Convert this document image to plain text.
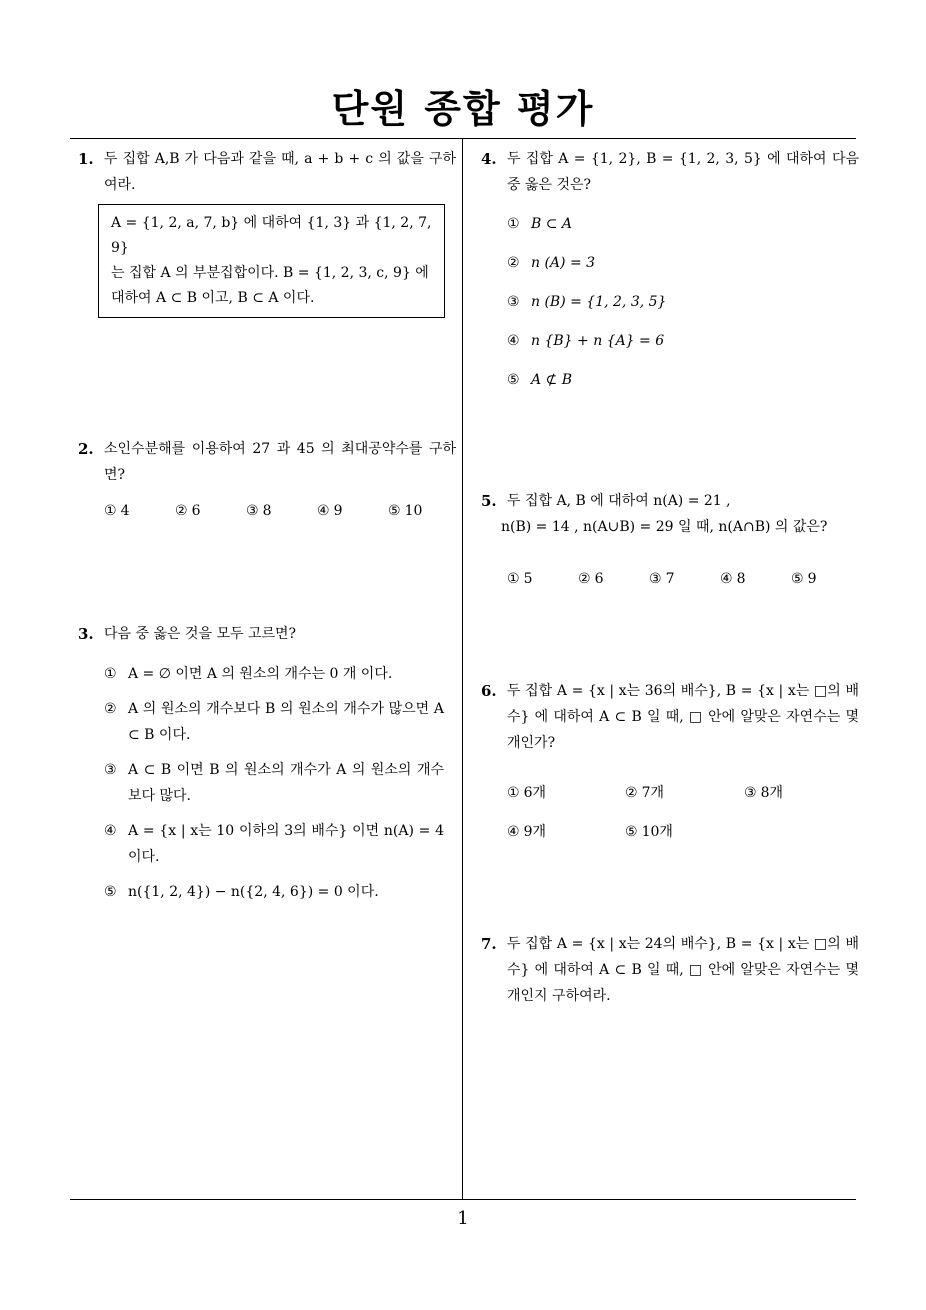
단원 종합 평가
1
1. 두 집합 A,B 가 다음과 같을 때, a + b + c 의 값을 구하여라.
A = {1, 2, a, 7, b} 에 대하여 {1, 3} 과 {1, 2, 7, 9}
는 집합 A 의 부분집합이다. B = {1, 2, 3, c, 9} 에
대하여 A ⊂ B 이고, B ⊂ A 이다.
2. 소인수분해를 이용하여 27 과 45 의 최대공약수를 구하면?
① 4	② 6	③ 8	④ 9	⑤ 10
3. 다음 중 옳은 것을 모두 고르면?
① A = ∅ 이면 A 의 원소의 개수는 0 개 이다.
② A 의 원소의 개수보다 B 의 원소의 개수가 많으면 A ⊂ B 이다.
③ A ⊂ B 이면 B 의 원소의 개수가 A 의 원소의 개수보다 많다.
④ A = {x | x는 10 이하의 3의 배수} 이면 n(A) = 4 이다.
⑤ n({1, 2, 4}) − n({2, 4, 6}) = 0 이다.
4. 두 집합 A = {1, 2}, B = {1, 2, 3, 5} 에 대하여 다음 중 옳은 것은?
① B ⊂ A
② n (A) = 3
③ n (B) = {1, 2, 3, 5}
④ n {B} + n {A} = 6
⑤ A ⊄ B
5. 두 집합 A, B 에 대하여 n(A) = 21 ,
n(B) = 14 , n(A∪B) = 29 일 때, n(A∩B) 의 값은?
① 5	② 6	③ 7	④ 8	⑤ 9
6. 두 집합 A = {x | x는 36의 배수}, B = {x | x는 □의 배수} 에 대하여 A ⊂ B 일 때, □ 안에 알맞은 자연수는 몇 개인가?
① 6개	② 7개	③ 8개
④ 9개	⑤ 10개
7. 두 집합 A = {x | x는 24의 배수}, B = {x | x는 □의 배수} 에 대하여 A ⊂ B 일 때, □ 안에 알맞은 자연수는 몇 개인지 구하여라.
